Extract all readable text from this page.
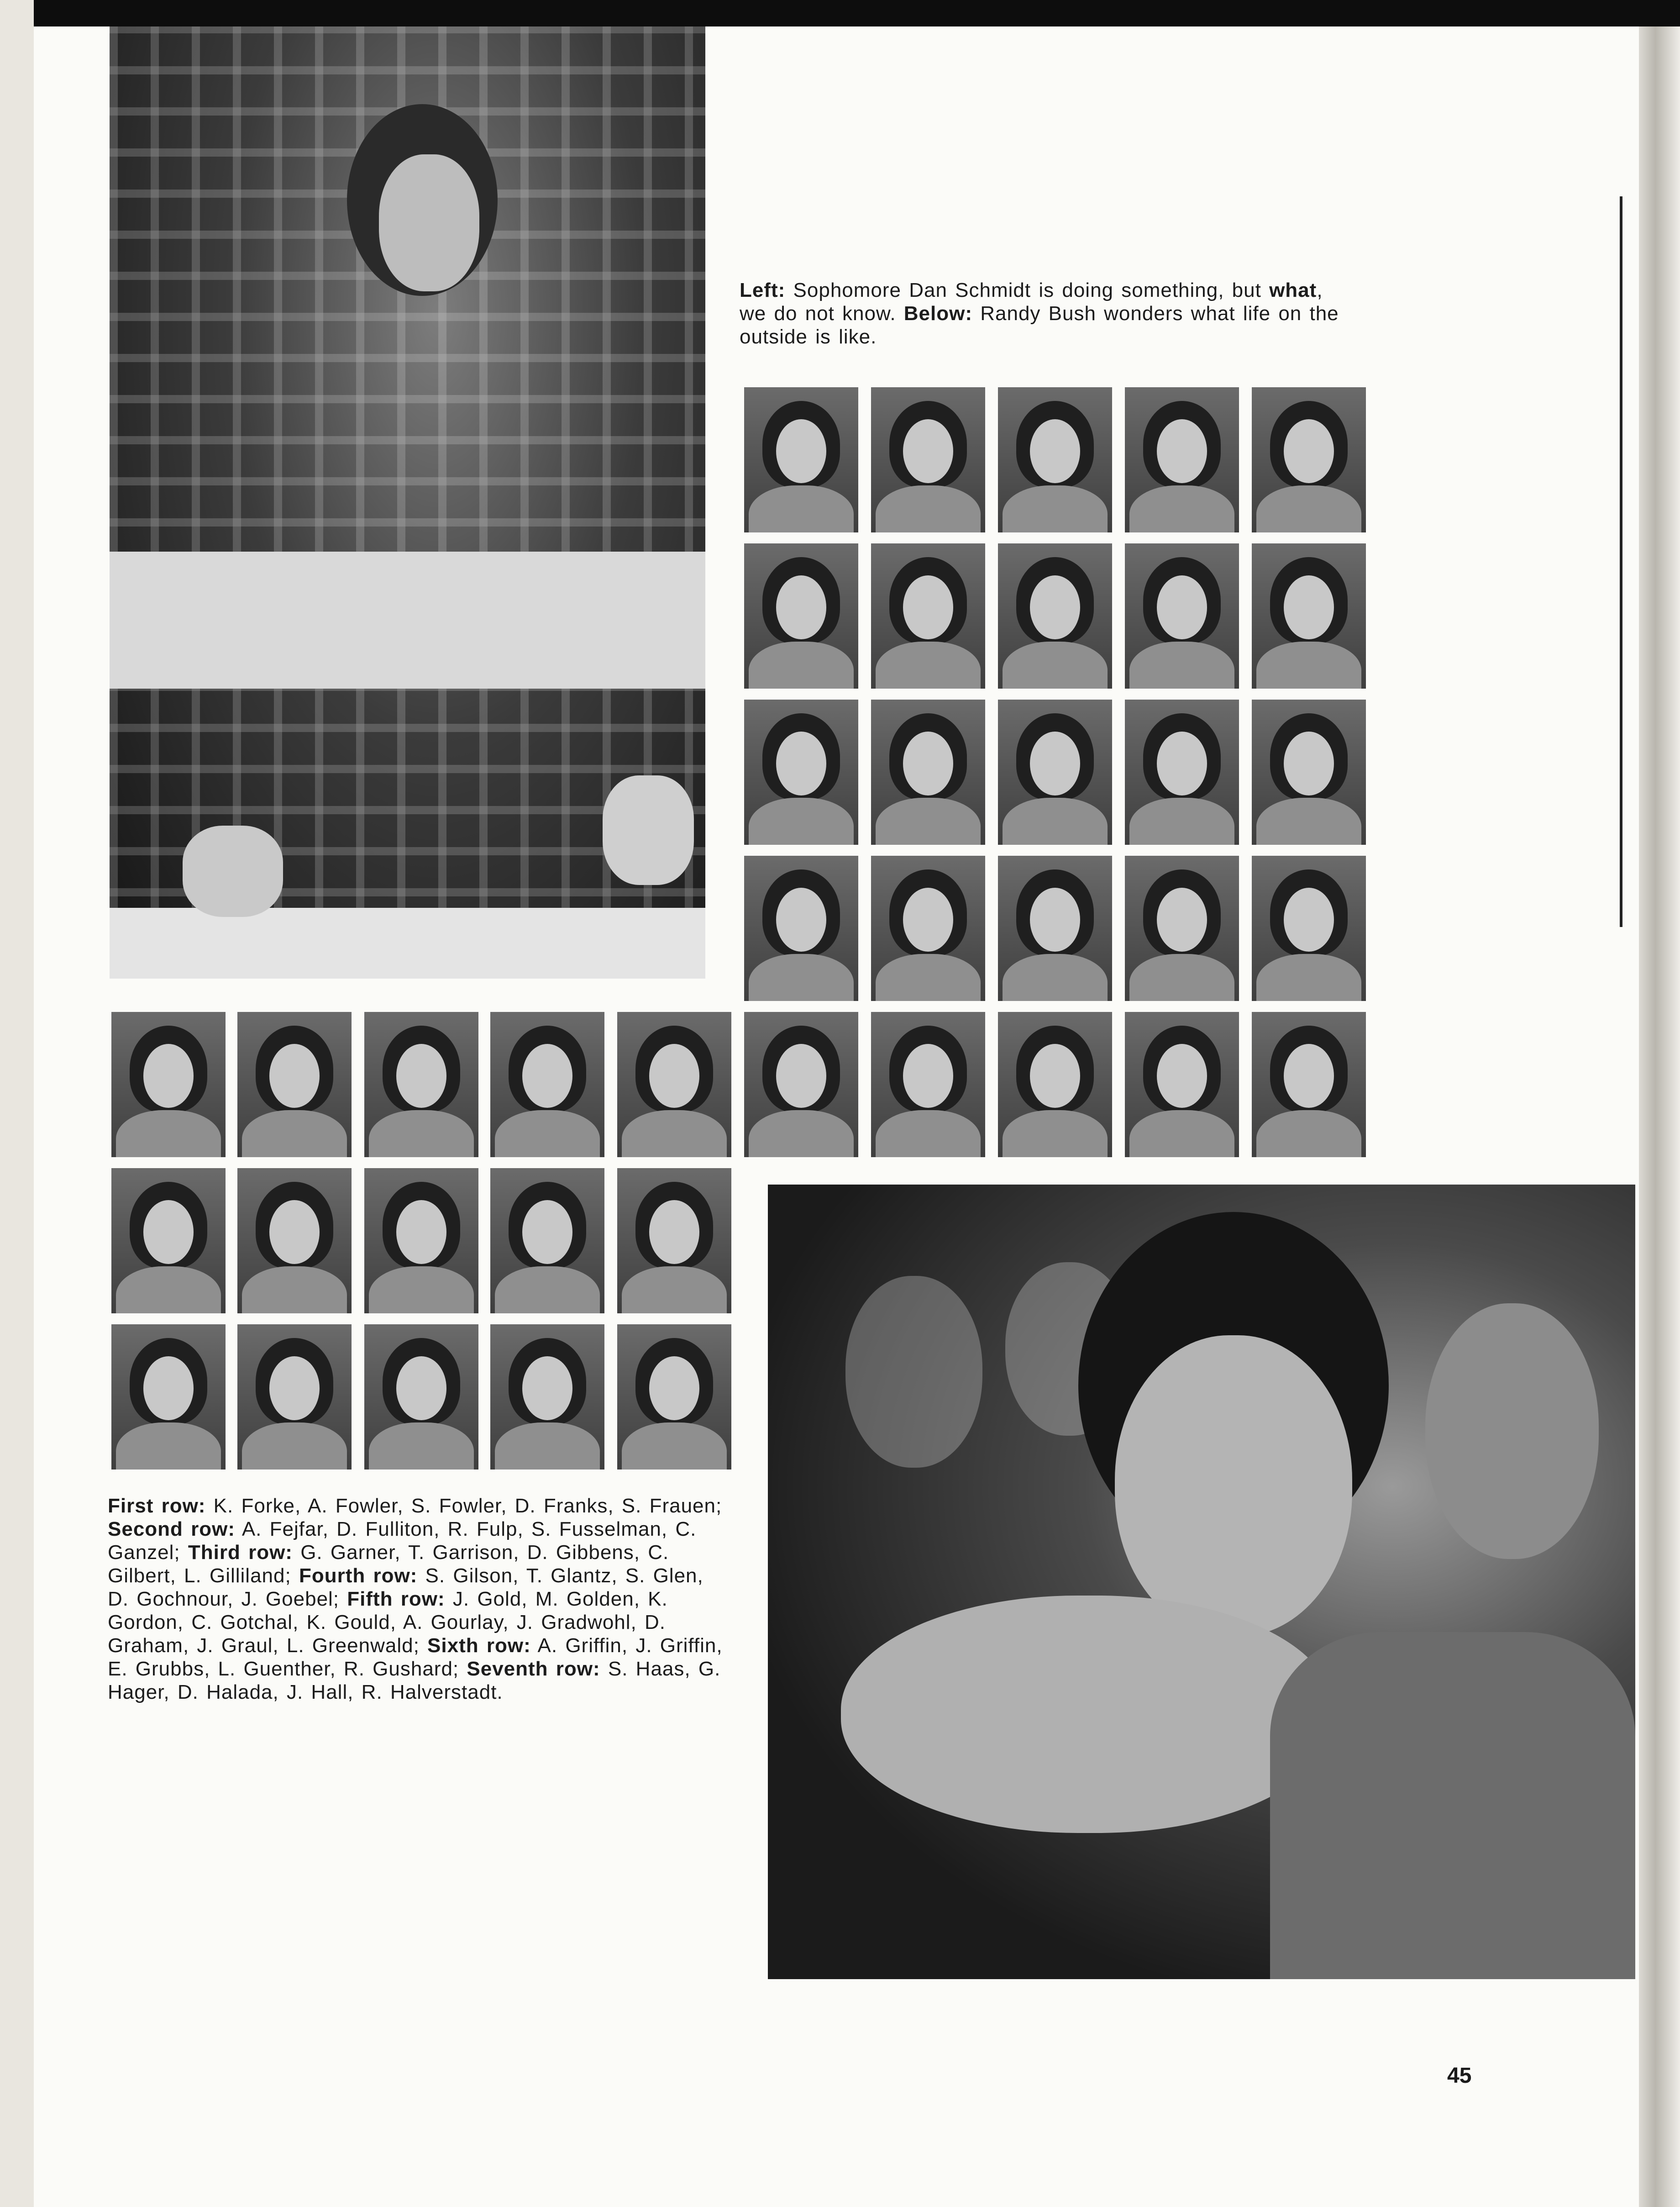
Left: Sophomore Dan Schmidt is doing something, but what, we do not know. Below: Randy Bush wonders what life on the outside is like.

First row: K. Forke, A. Fowler, S. Fowler, D. Franks, S. Frauen; Second row: A. Fejfar, D. Fulliton, R. Fulp, S. Fusselman, C. Ganzel; Third row: G. Garner, T. Garrison, D. Gibbens, C. Gilbert, L. Gilliland; Fourth row: S. Gilson, T. Glantz, S. Glen, D. Gochnour, J. Goebel; Fifth row: J. Gold, M. Golden, K. Gordon, C. Gotchal, K. Gould, A. Gourlay, J. Gradwohl, D. Graham, J. Graul, L. Greenwald; Sixth row: A. Griffin, J. Griffin, E. Grubbs, L. Guenther, R. Gushard; Seventh row: S. Haas, G. Hager, D. Halada, J. Hall, R. Halverstadt.

45
